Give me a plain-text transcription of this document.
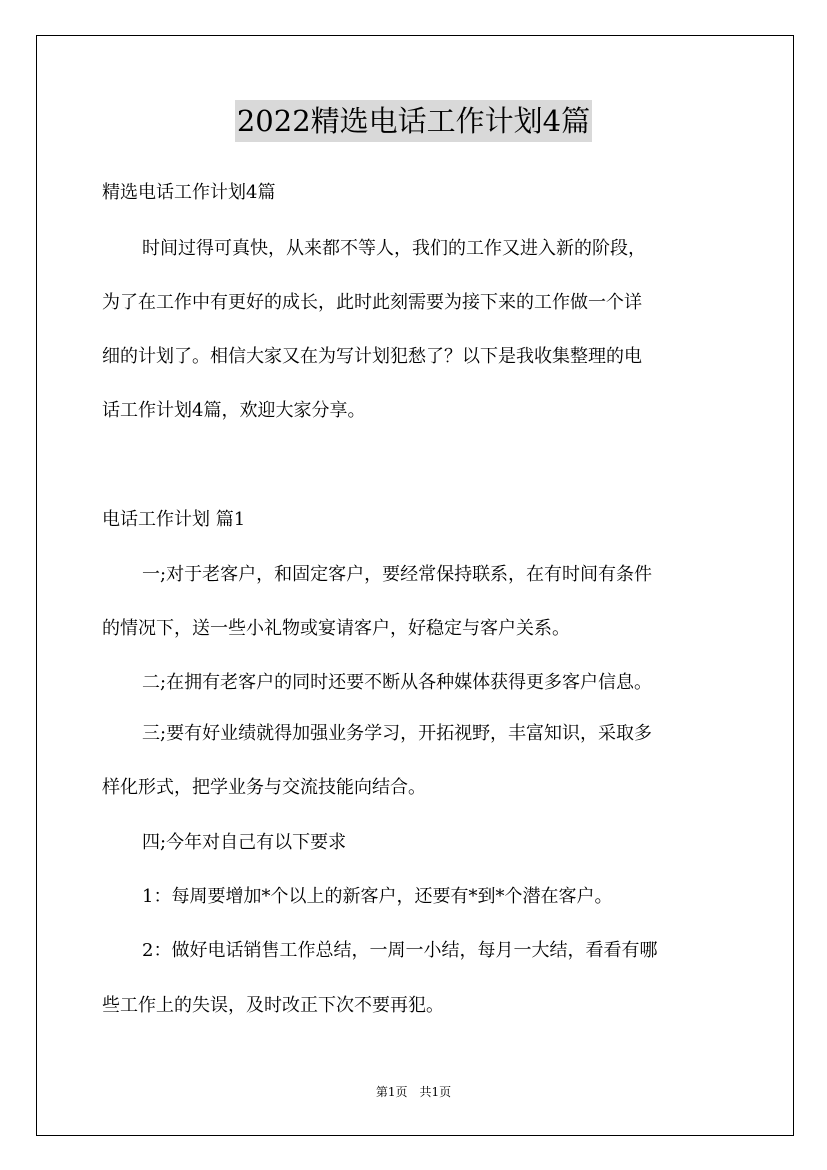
2022精选电话工作计划4篇
精选电话工作计划4篇
时间过得可真快，从来都不等人，我们的工作又进入新的阶段，
为了在工作中有更好的成长，此时此刻需要为接下来的工作做一个详
细的计划了。相信大家又在为写计划犯愁了？以下是我收集整理的电
话工作计划4篇，欢迎大家分享。
电话工作计划 篇1
一;对于老客户，和固定客户，要经常保持联系，在有时间有条件
的情况下，送一些小礼物或宴请客户，好稳定与客户关系。
二;在拥有老客户的同时还要不断从各种媒体获得更多客户信息。
三;要有好业绩就得加强业务学习，开拓视野，丰富知识，采取多
样化形式，把学业务与交流技能向结合。
四;今年对自己有以下要求
1：每周要增加*个以上的新客户，还要有*到*个潜在客户。
2：做好电话销售工作总结，一周一小结，每月一大结，看看有哪
些工作上的失误，及时改正下次不要再犯。
第1页　共1页
